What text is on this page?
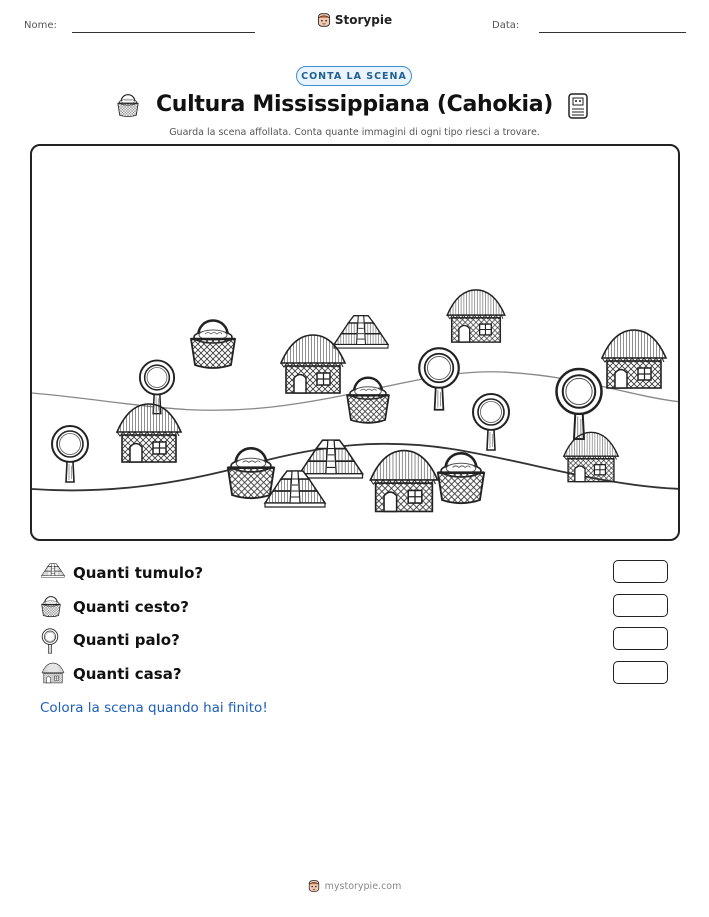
Nome:	Storypie	Data:
CONTA LA SCENA
Cultura Mississippiana (Cahokia)
Guarda la scena affollata. Conta quante immagini di ogni tipo riesci a trovare.
Quanti tumulo?
Quanti cesto?
Quanti palo?
Quanti casa?
Colora la scena quando hai finito!
mystorypie.com
